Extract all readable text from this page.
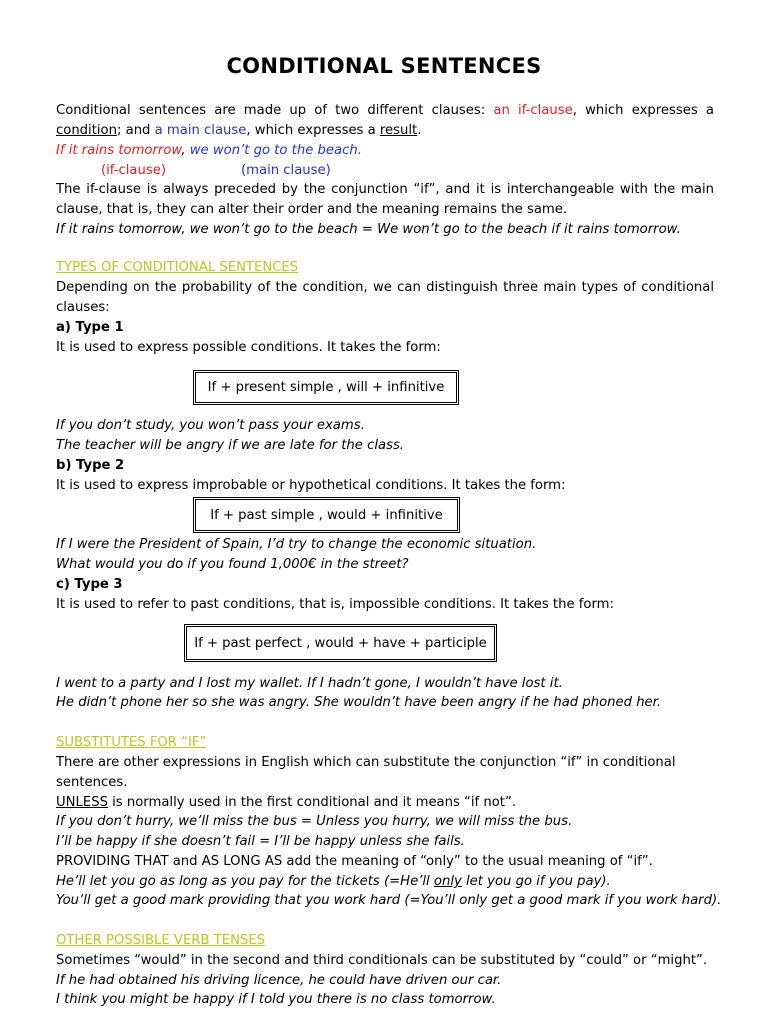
CONDITIONAL SENTENCES
Conditional sentences are made up of two different clauses: an if-clause, which expresses a
condition; and a main clause, which expresses a result.
If it rains tomorrow, we won’t go to the beach.
(if-clause)	(main clause)
The if-clause is always preceded by the conjunction “if”, and it is interchangeable with the main
clause, that is, they can alter their order and the meaning remains the same.
If it rains tomorrow, we won’t go to the beach = We won’t go to the beach if it rains tomorrow.
TYPES OF CONDITIONAL SENTENCES
Depending on the probability of the condition, we can distinguish three main types of conditional
clauses:
a) Type 1
It is used to express possible conditions. It takes the form:
If + present simple , will + infinitive
If you don’t study, you won’t pass your exams.
The teacher will be angry if we are late for the class.
b) Type 2
It is used to express improbable or hypothetical conditions. It takes the form:
If + past simple , would + infinitive
If I were the President of Spain, I’d try to change the economic situation.
What would you do if you found 1,000€ in the street?
c) Type 3
It is used to refer to past conditions, that is, impossible conditions. It takes the form:
If + past perfect , would + have + participle
I went to a party and I lost my wallet. If I hadn’t gone, I wouldn’t have lost it.
He didn’t phone her so she was angry. She wouldn’t have been angry if he had phoned her.
SUBSTITUTES FOR “IF”
There are other expressions in English which can substitute the conjunction “if” in conditional
sentences.
UNLESS is normally used in the first conditional and it means “if not”.
If you don’t hurry, we’ll miss the bus = Unless you hurry, we will miss the bus.
I’ll be happy if she doesn’t fail = I’ll be happy unless she fails.
PROVIDING THAT and AS LONG AS add the meaning of “only” to the usual meaning of “if”.
He’ll let you go as long as you pay for the tickets (=He’ll only let you go if you pay).
You’ll get a good mark providing that you work hard (=You’ll only get a good mark if you work hard).
OTHER POSSIBLE VERB TENSES
Sometimes “would” in the second and third conditionals can be substituted by “could” or “might”.
If he had obtained his driving licence, he could have driven our car.
I think you might be happy if I told you there is no class tomorrow.
